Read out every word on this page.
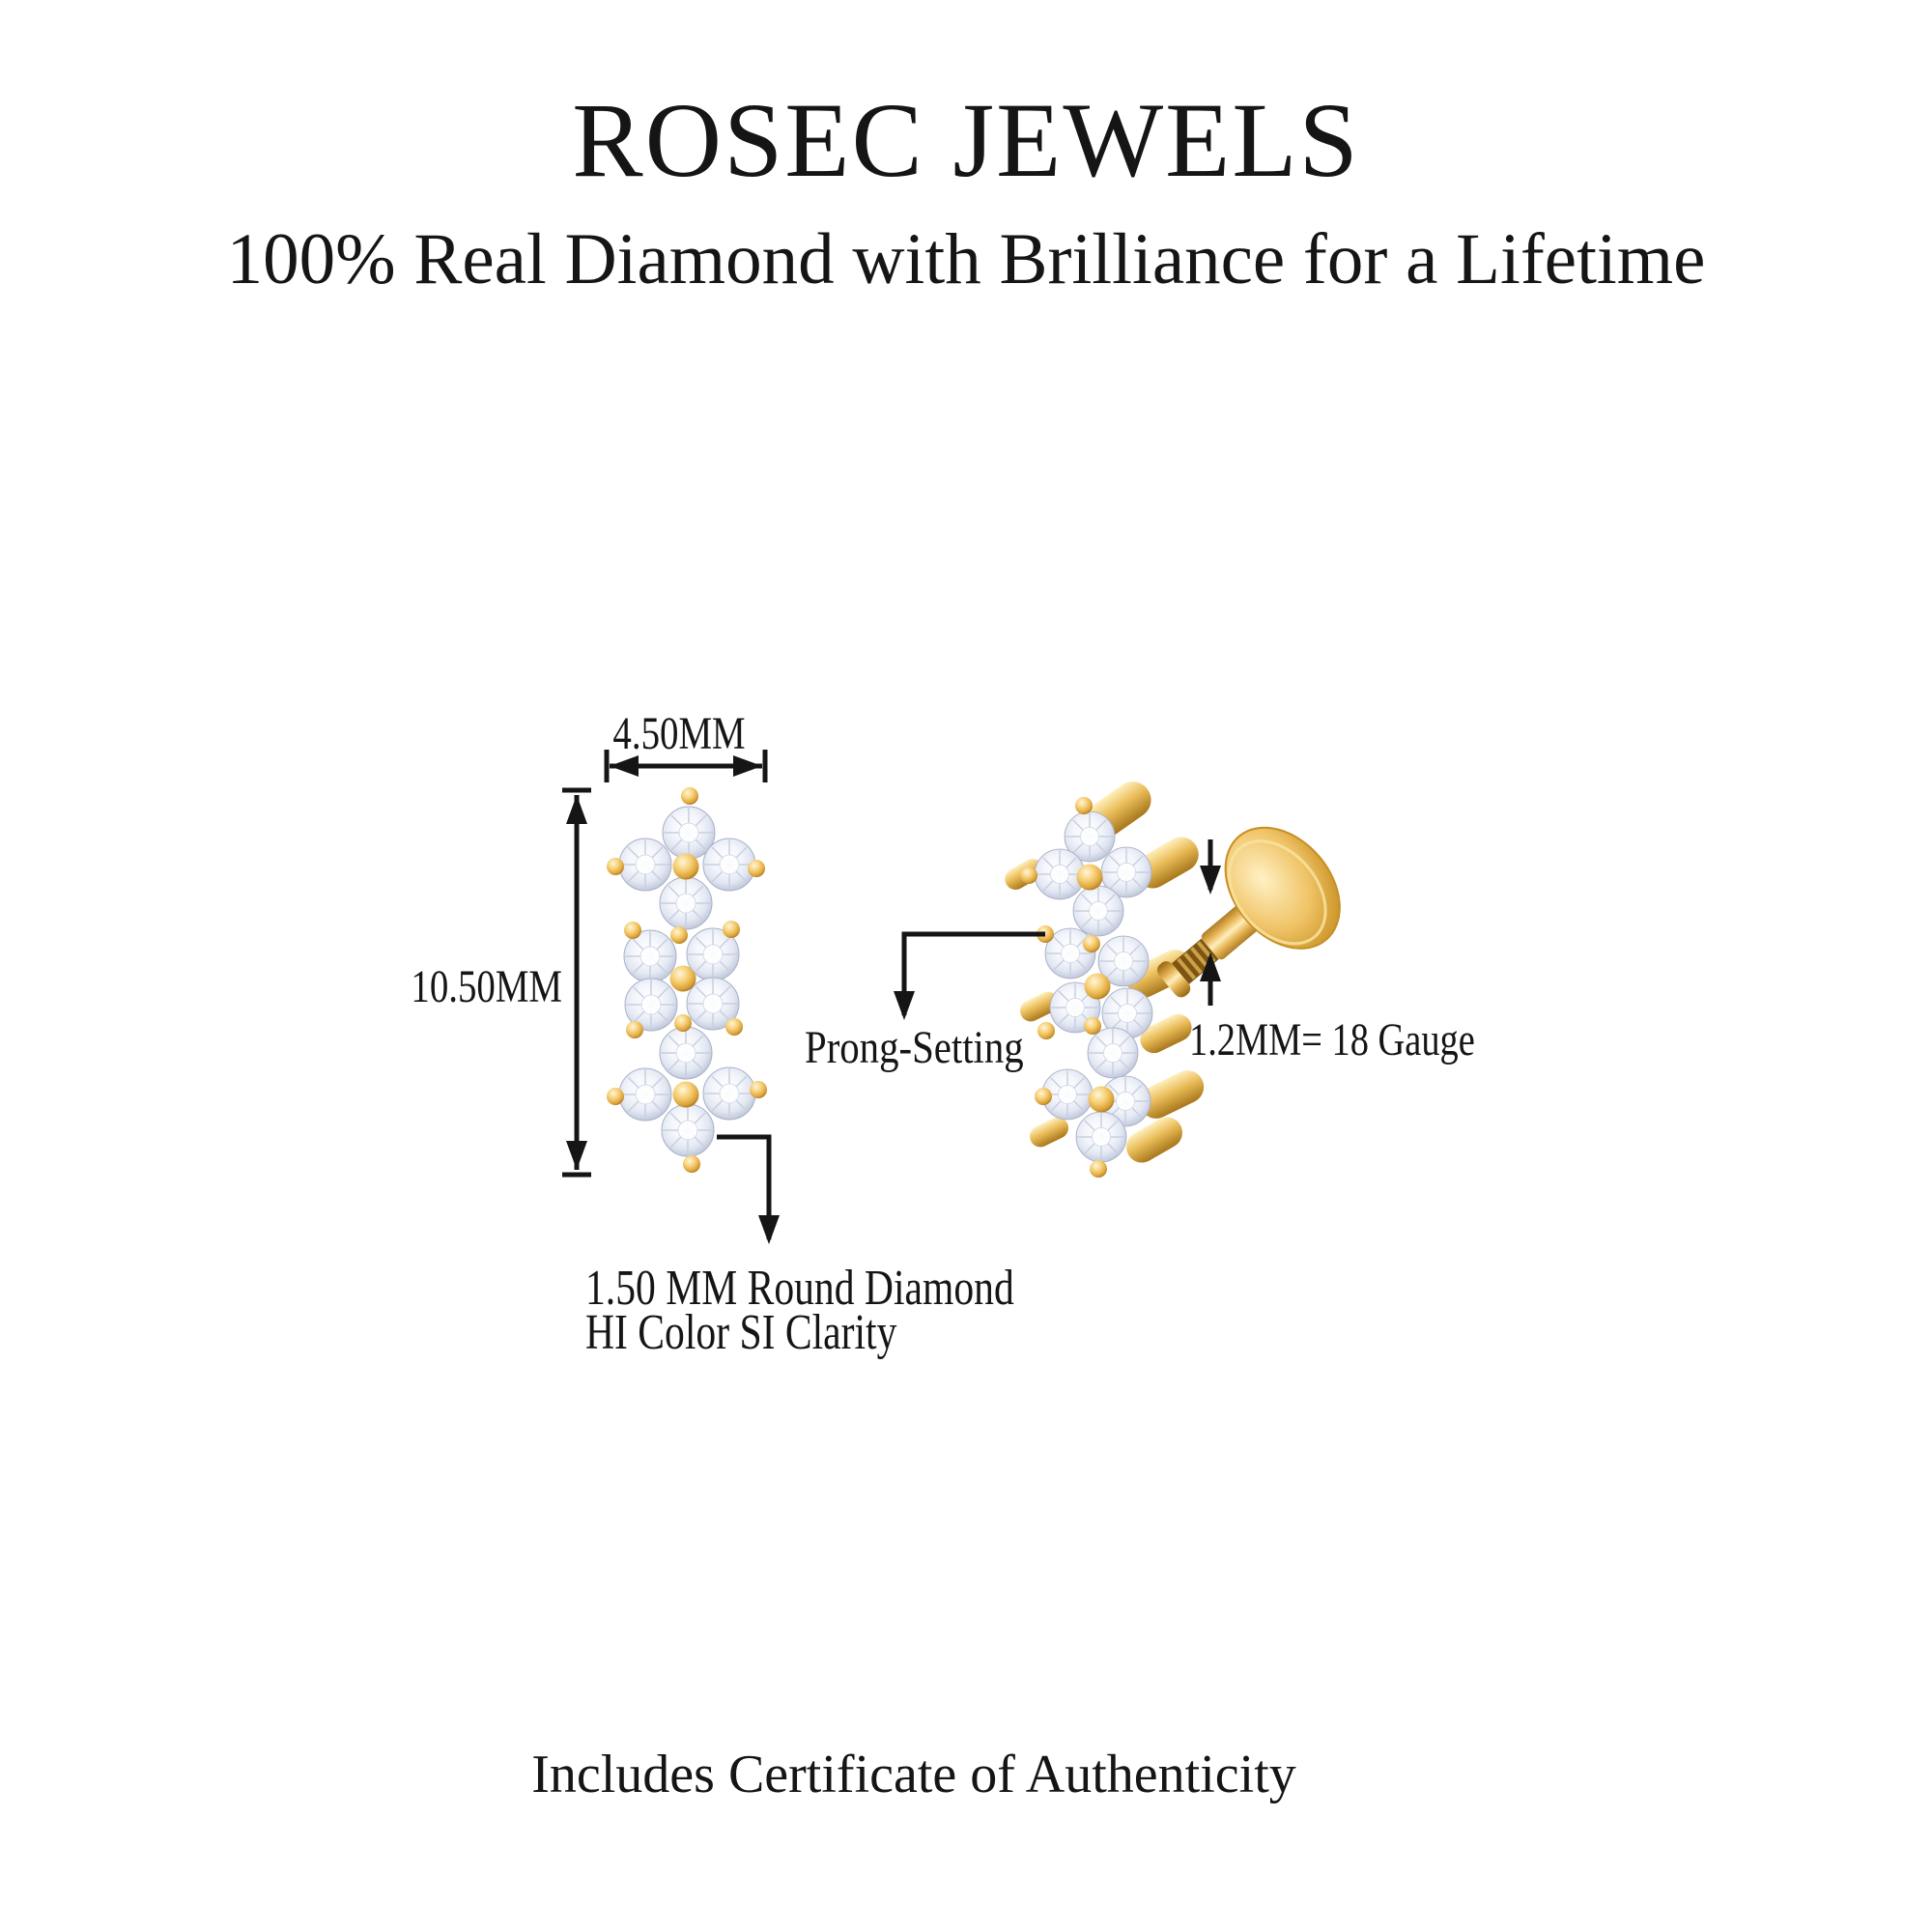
ROSEC JEWELS
100% Real Diamond with Brilliance for a Lifetime
4.50MM
10.50MM
Prong-Setting	1.2MM= 18 Gauge
1.50 MM Round Diamond
HI Color SI Clarity
Includes Certificate of Authenticity
